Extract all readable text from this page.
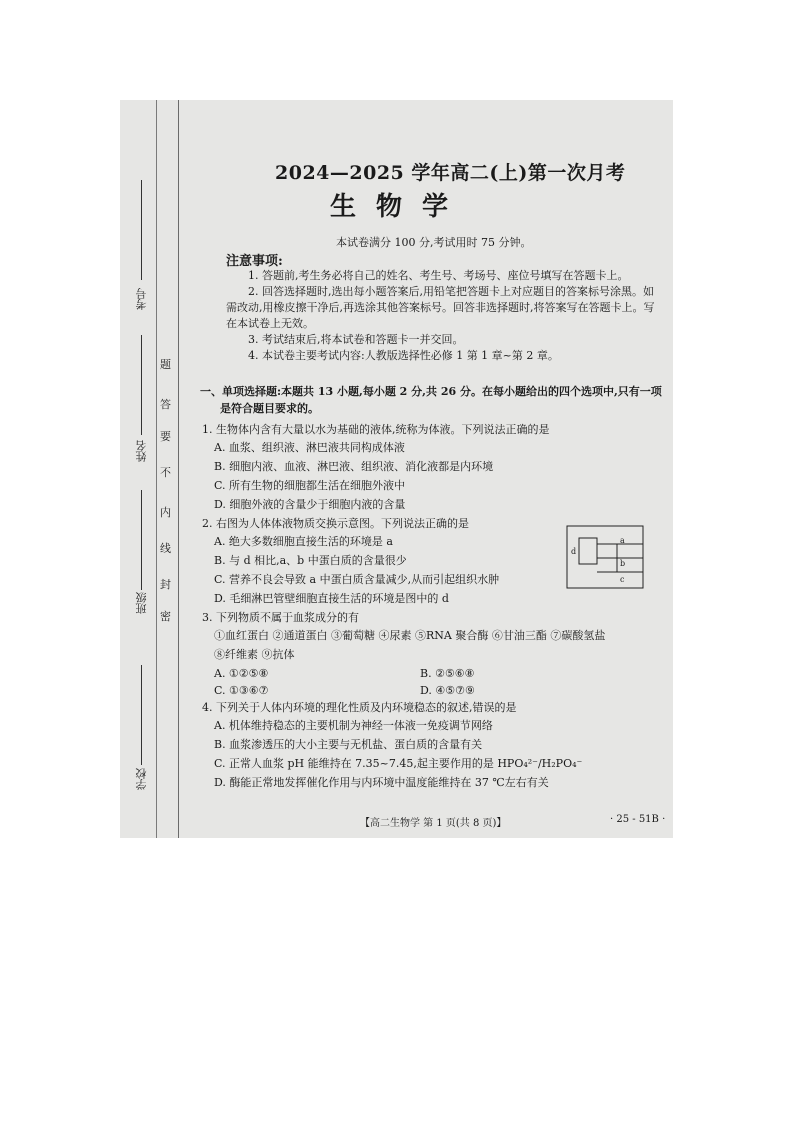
考号
姓名
班级
学校
题
答
要
不
内
线
封
密
2024—2025 学年高二(上)第一次月考
生物学
本试卷满分 100 分,考试用时 75 分钟。
注意事项:

1. 答题前,考生务必将自己的姓名、考生号、考场号、座位号填写在答题卡上。

2. 回答选择题时,选出每小题答案后,用铅笔把答题卡上对应题目的答案标号涂黑。如需改动,用橡皮擦干净后,再选涂其他答案标号。回答非选择题时,将答案写在答题卡上。写在本试卷上无效。

3. 考试结束后,将本试卷和答题卡一并交回。

4. 本试卷主要考试内容:人教版选择性必修 1 第 1 章~第 2 章。

一、单项选择题:本题共 13 小题,每小题 2 分,共 26 分。在每小题给出的四个选项中,只有一项

是符合题目要求的。

1. 生物体内含有大量以水为基础的液体,统称为体液。下列说法正确的是

A. 血浆、组织液、淋巴液共同构成体液

B. 细胞内液、血液、淋巴液、组织液、消化液都是内环境

C. 所有生物的细胞都生活在细胞外液中

D. 细胞外液的含量少于细胞内液的含量

2. 右图为人体体液物质交换示意图。下列说法正确的是

A. 绝大多数细胞直接生活的环境是 a

B. 与 d 相比,a、b 中蛋白质的含量很少

C. 营养不良会导致 a 中蛋白质含量减少,从而引起组织水肿

D. 毛细淋巴管壁细胞直接生活的环境是图中的 d

3. 下列物质不属于血浆成分的有

①血红蛋白 ②通道蛋白 ③葡萄糖 ④尿素 ⑤RNA 聚合酶 ⑥甘油三酯 ⑦碳酸氢盐

⑧纤维素 ⑨抗体

A. ①②⑤⑧	B. ②⑤⑥⑧
C. ①③⑥⑦	D. ④⑤⑦⑨

4. 下列关于人体内环境的理化性质及内环境稳态的叙述,错误的是

A. 机体维持稳态的主要机制为神经一体液一免疫调节网络

B. 血浆渗透压的大小主要与无机盐、蛋白质的含量有关

C. 正常人血浆 pH 能维持在 7.35~7.45,起主要作用的是 HPO₄²⁻/H₂PO₄⁻

D. 酶能正常地发挥催化作用与内环境中温度能维持在 37 ℃左右有关

d
a
b
c
【高二生物学 第 1 页(共 8 页)】	· 25 - 51B ·
